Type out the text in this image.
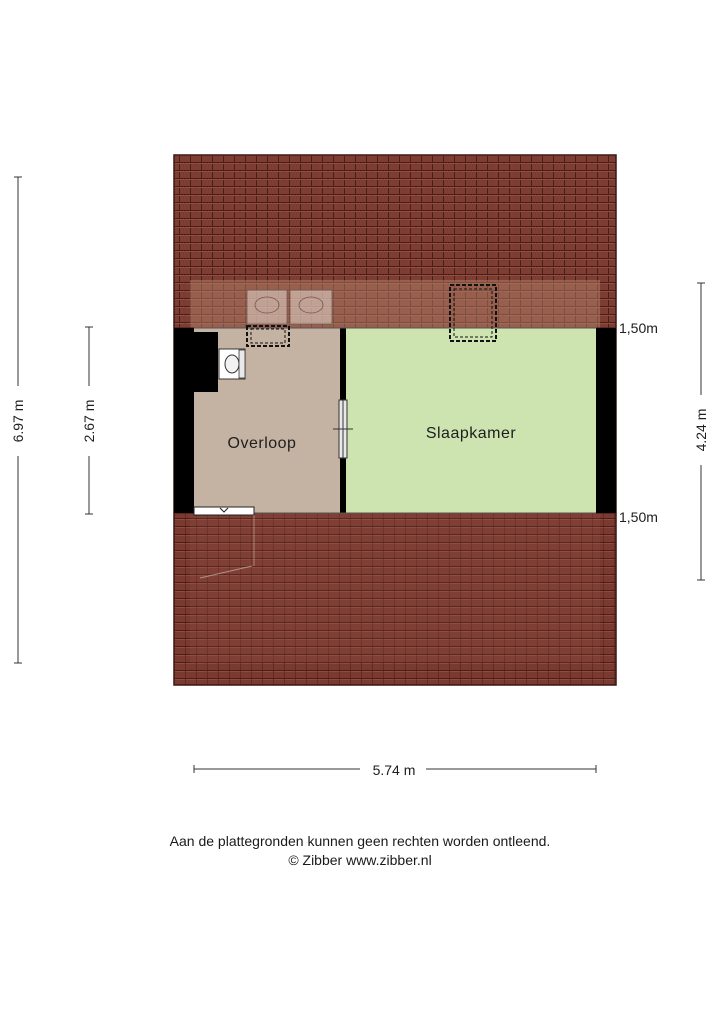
Overloop
Slaapkamer
6.97 m	2.67 m	4.24 m
1,50m
1,50m
5.74 m
Aan de plattegronden kunnen geen rechten worden ontleend.
© Zibber www.zibber.nl
